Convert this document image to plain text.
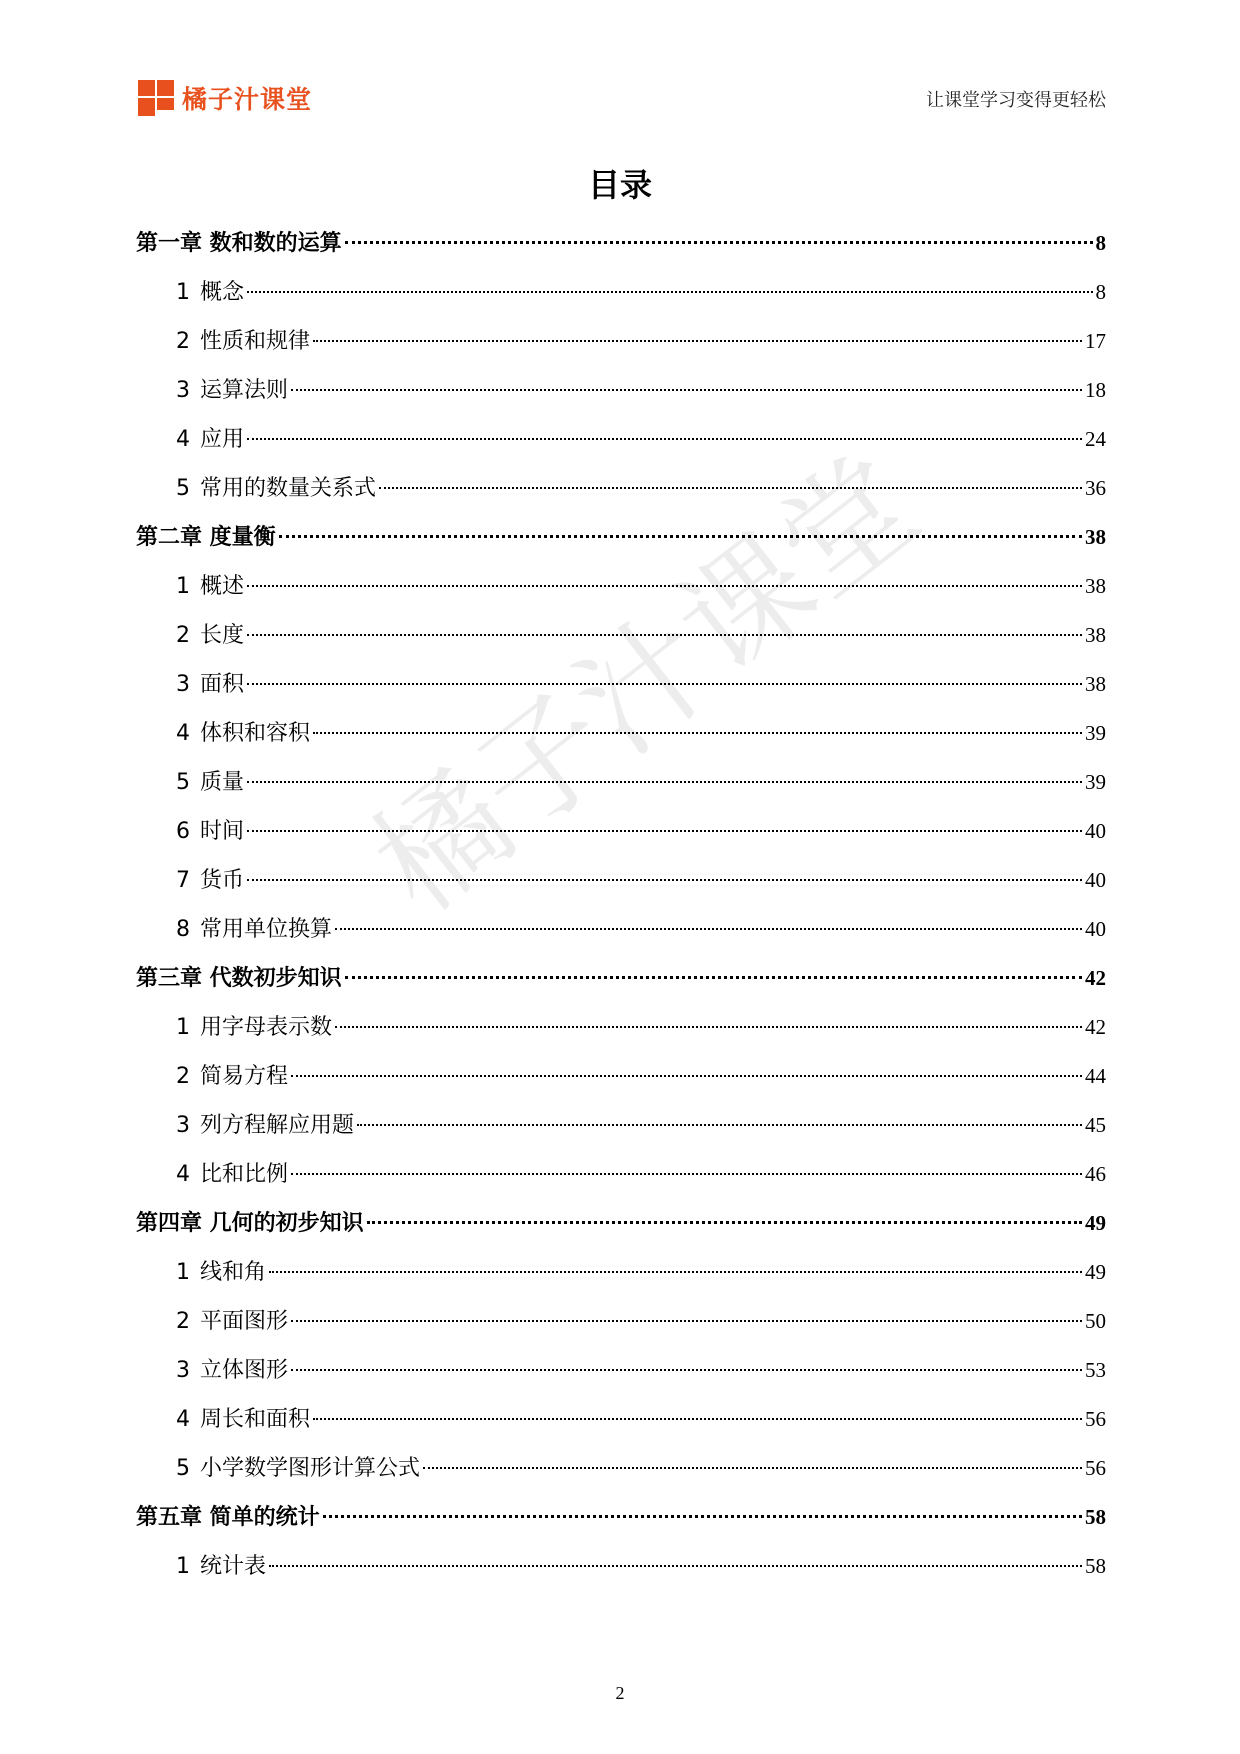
橘子汁课堂	让课堂学习变得更轻松
橘子汁课堂
目录
第一章 数和数的运算	8
1 概念	8
2 性质和规律	17
3 运算法则	18
4 应用	24
5 常用的数量关系式	36
第二章 度量衡	38
1 概述	38
2 长度	38
3 面积	38
4 体积和容积	39
5 质量	39
6 时间	40
7 货币	40
8 常用单位换算	40
第三章 代数初步知识	42
1 用字母表示数	42
2 简易方程	44
3 列方程解应用题	45
4 比和比例	46
第四章 几何的初步知识	49
1 线和角	49
2 平面图形	50
3 立体图形	53
4 周长和面积	56
5 小学数学图形计算公式	56
第五章 简单的统计	58
1 统计表	58
2
